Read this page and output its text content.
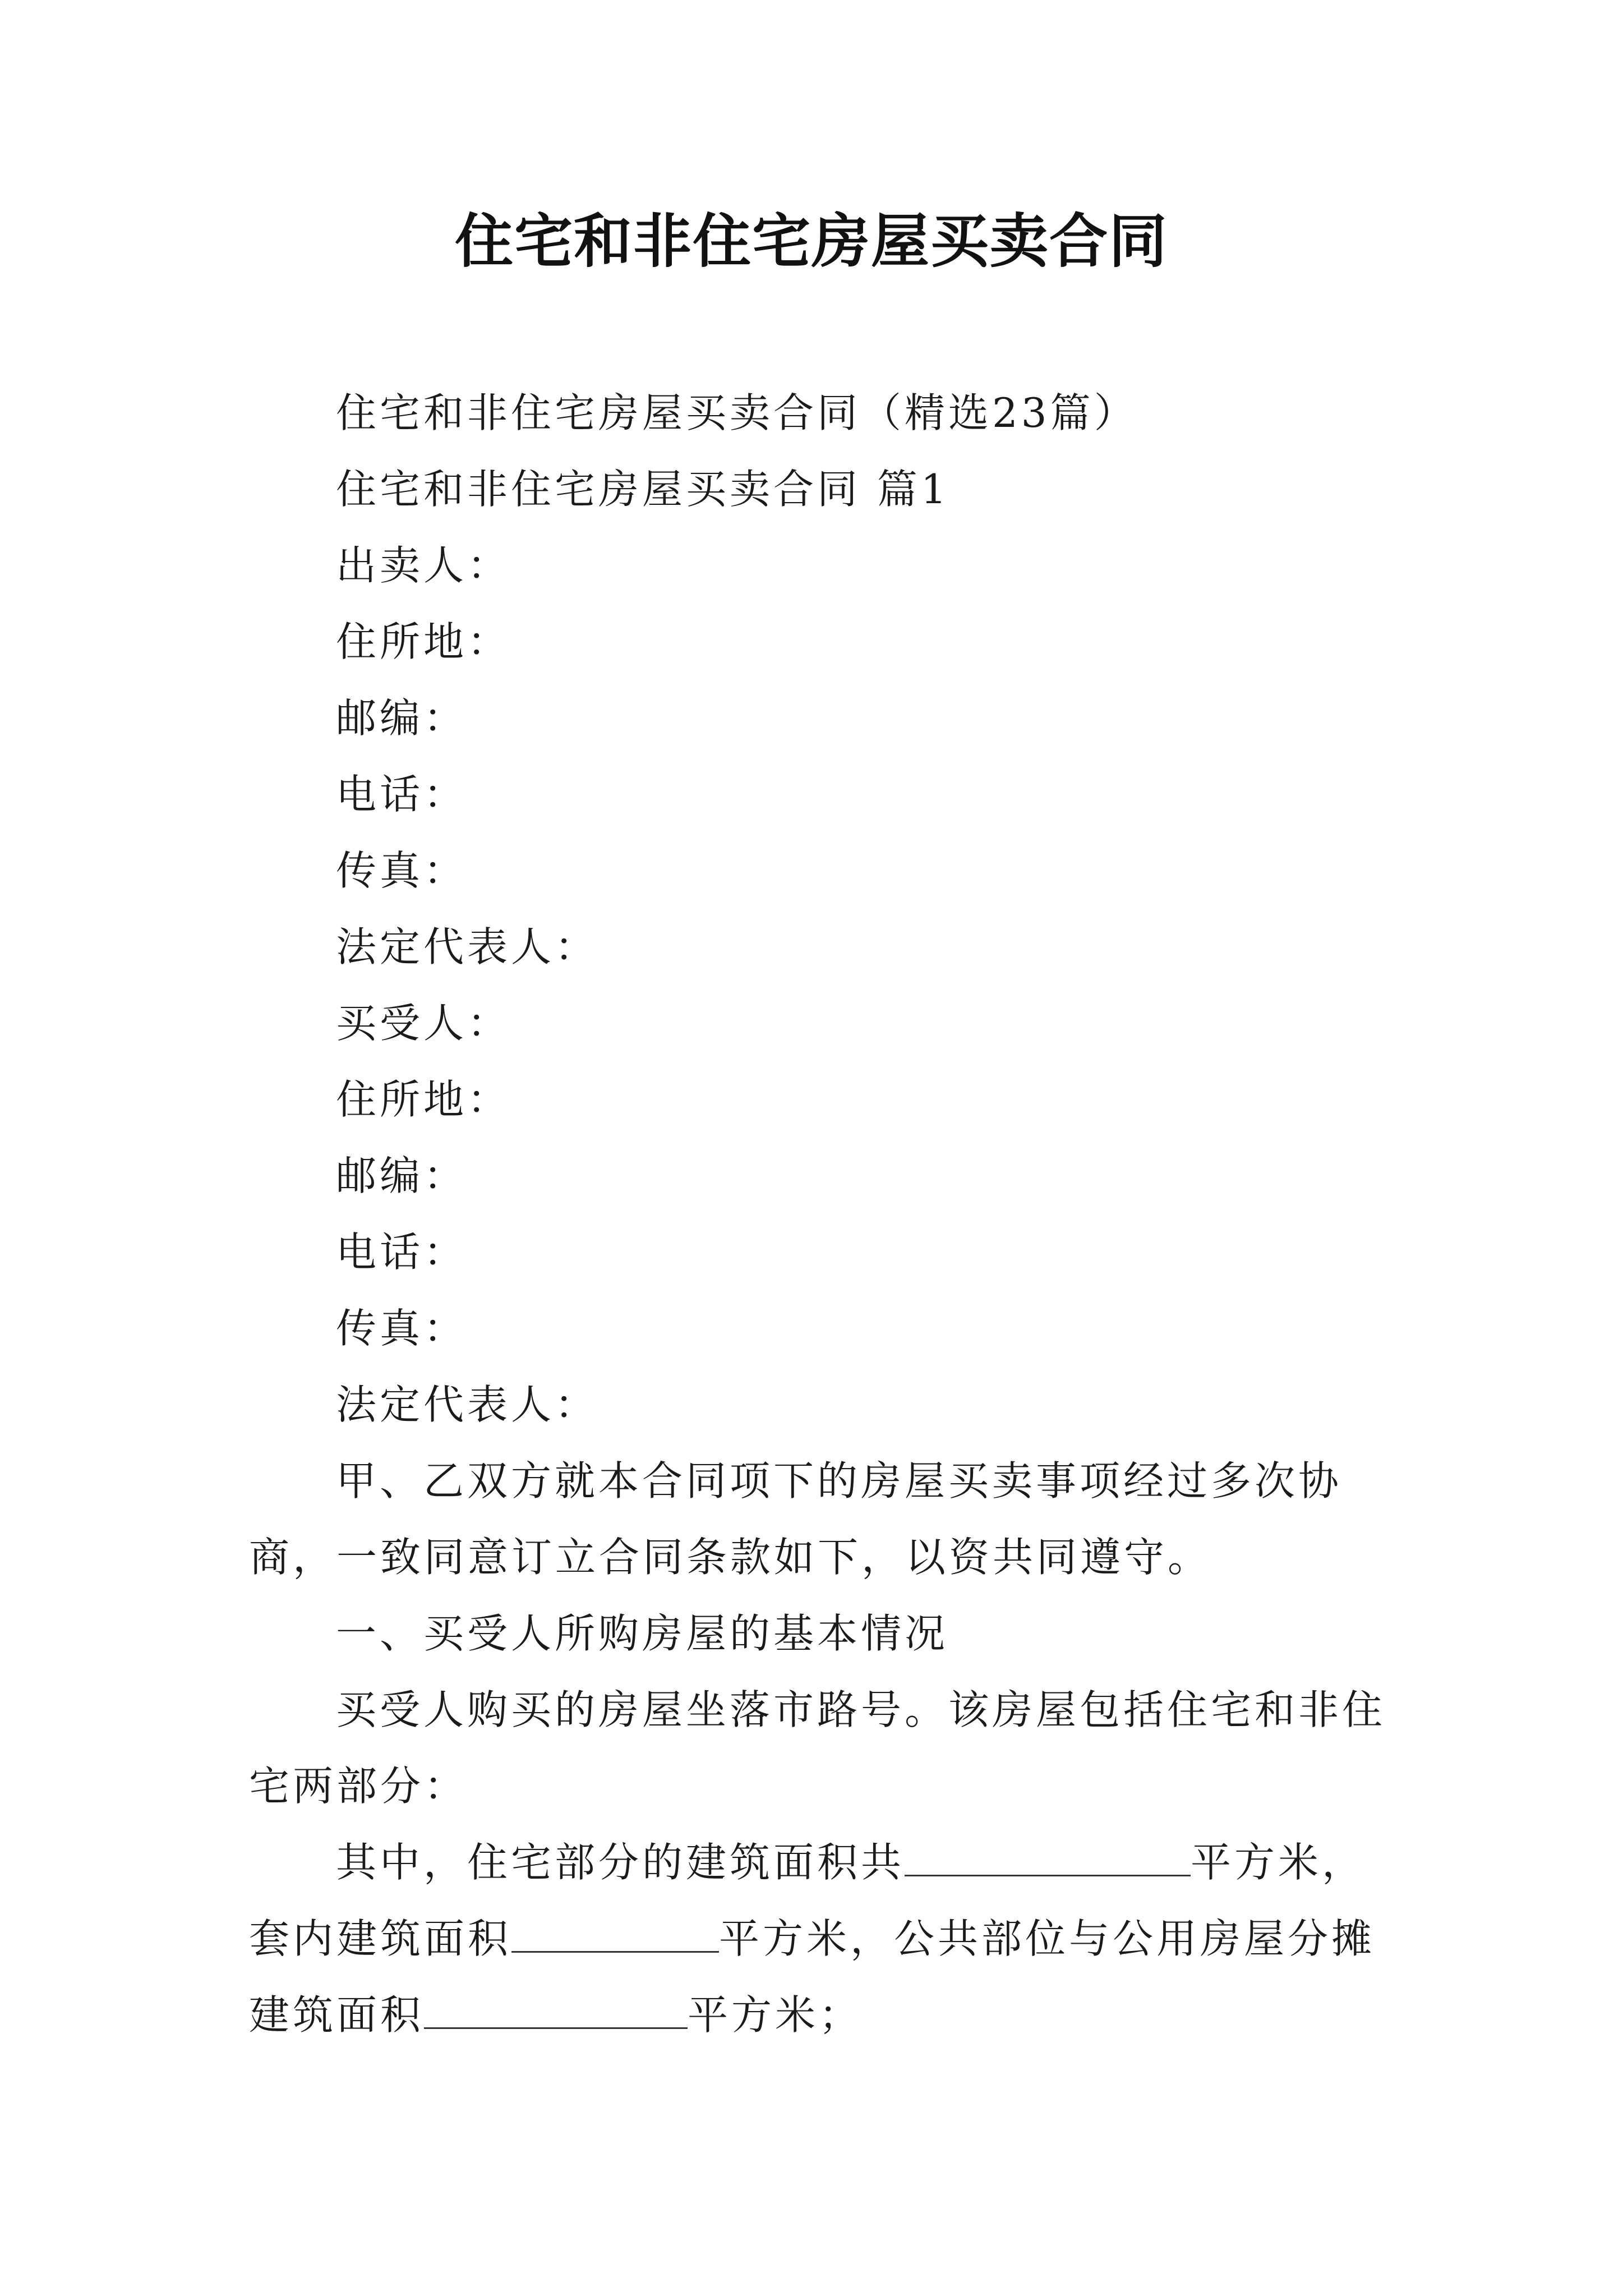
住宅和非住宅房屋买卖合同

住宅和非住宅房屋买卖合同（精选23篇）

住宅和非住宅房屋买卖合同 篇1

出卖人：

住所地：

邮编：

电话：

传真：

法定代表人：

买受人：

住所地：

邮编：

电话：

传真：

法定代表人：

甲、乙双方就本合同项下的房屋买卖事项经过多次协商，一致同意订立合同条款如下，以资共同遵守。

一、买受人所购房屋的基本情况

买受人购买的房屋坐落市路号。该房屋包括住宅和非住宅两部分：

其中，住宅部分的建筑面积共	平方米，套内建筑面积	平方米，公共部位与公用房屋分摊建筑面积	平方米；
